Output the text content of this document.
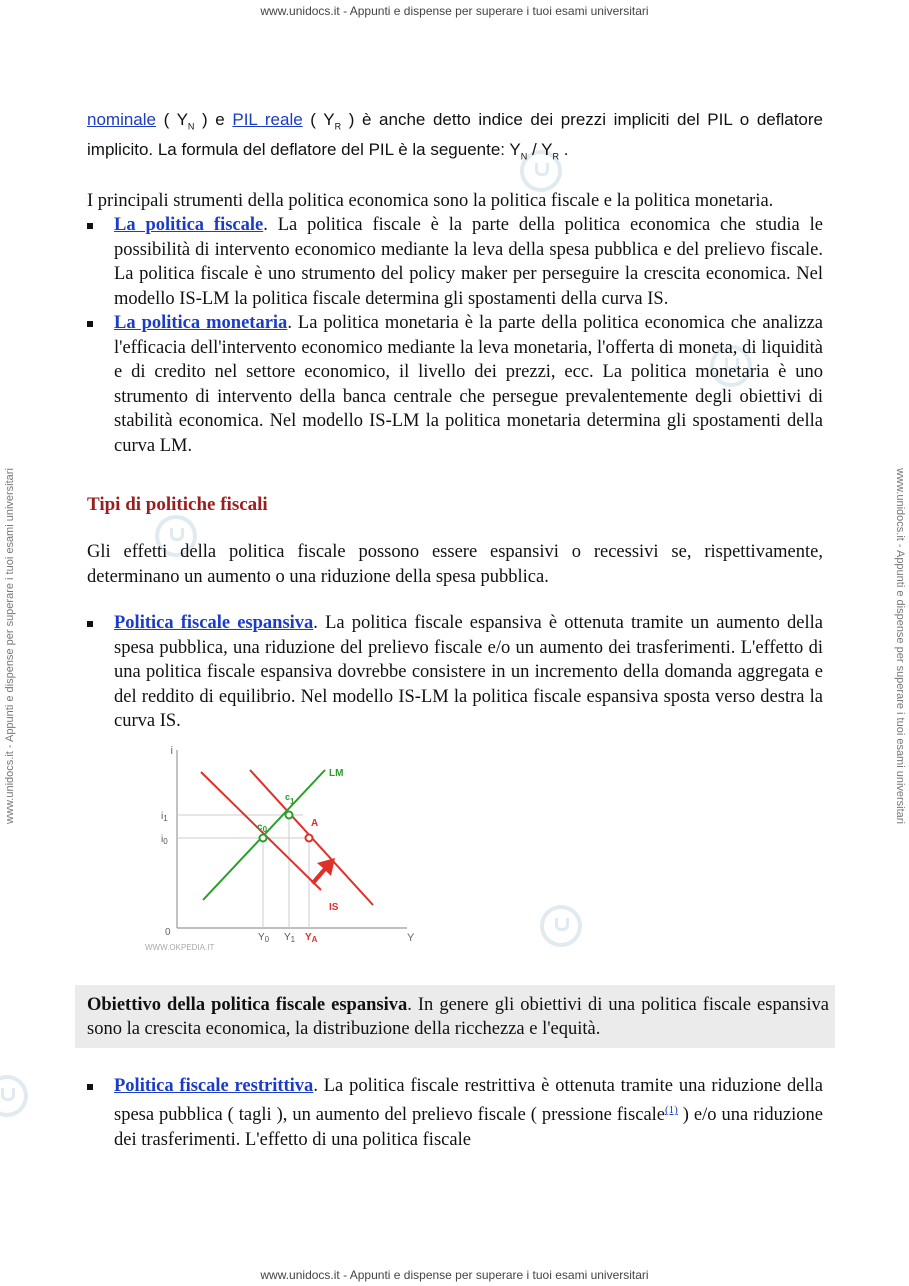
www.unidocs.it - Appunti e dispense per superare i tuoi esami universitari
www.unidocs.it - Appunti e dispense per superare i tuoi esami universitari	www.unidocs.it - Appunti e dispense per superare i tuoi esami universitari

nominale ( $Y_N$ ) e PIL reale ( $Y_R$ ) è anche detto indice dei prezzi impliciti del PIL o deflatore implicito. La formula del deflatore del PIL è la seguente: $Y_N / Y_R$ .

I principali strumenti della politica economica sono la politica fiscale e la politica monetaria.

La politica fiscale. La politica fiscale è la parte della politica economica che studia le possibilità di intervento economico mediante la leva della spesa pubblica e del prelievo fiscale. La politica fiscale è uno strumento del policy maker per perseguire la crescita economica. Nel modello IS-LM la politica fiscale determina gli spostamenti della curva IS.
La politica monetaria. La politica monetaria è la parte della politica economica che analizza l'efficacia dell'intervento economico mediante la leva monetaria, l'offerta di moneta, di liquidità e di credito nel settore economico, il livello dei prezzi, ecc. La politica monetaria è uno strumento di intervento della banca centrale che persegue prevalentemente degli obiettivi di stabilità economica. Nel modello IS-LM la politica monetaria determina gli spostamenti della curva LM.
Tipi di politiche fiscali

Gli effetti della politica fiscale possono essere espansivi o recessivi se, rispettivamente, determinano un aumento o una riduzione della spesa pubblica.

Politica fiscale espansiva. La politica fiscale espansiva è ottenuta tramite un aumento della spesa pubblica, una riduzione del prelievo fiscale e/o un aumento dei trasferimenti. L'effetto di una politica fiscale espansiva dovrebbe consistere in un incremento della domanda aggregata e del reddito di equilibrio. Nel modello IS-LM la politica fiscale espansiva sposta verso destra la curva IS.
i
Y
0
LM
IS
$c_0$
c1
A
$i_1$
$i_0$
$Y_0$ $Y_1$ $Y_A$
WWW.OKPEDIA.IT
Obiettivo della politica fiscale espansiva. In genere gli obiettivi di una politica fiscale espansiva sono la crescita economica, la distribuzione della ricchezza e l'equità.
Politica fiscale restrittiva. La politica fiscale restrittiva è ottenuta tramite una riduzione della spesa pubblica ( tagli ), un aumento del prelievo fiscale ( pressione fiscale$^{(1)}$ ) e/o una riduzione dei trasferimenti. L'effetto di una politica fiscale
www.unidocs.it - Appunti e dispense per superare i tuoi esami universitari
